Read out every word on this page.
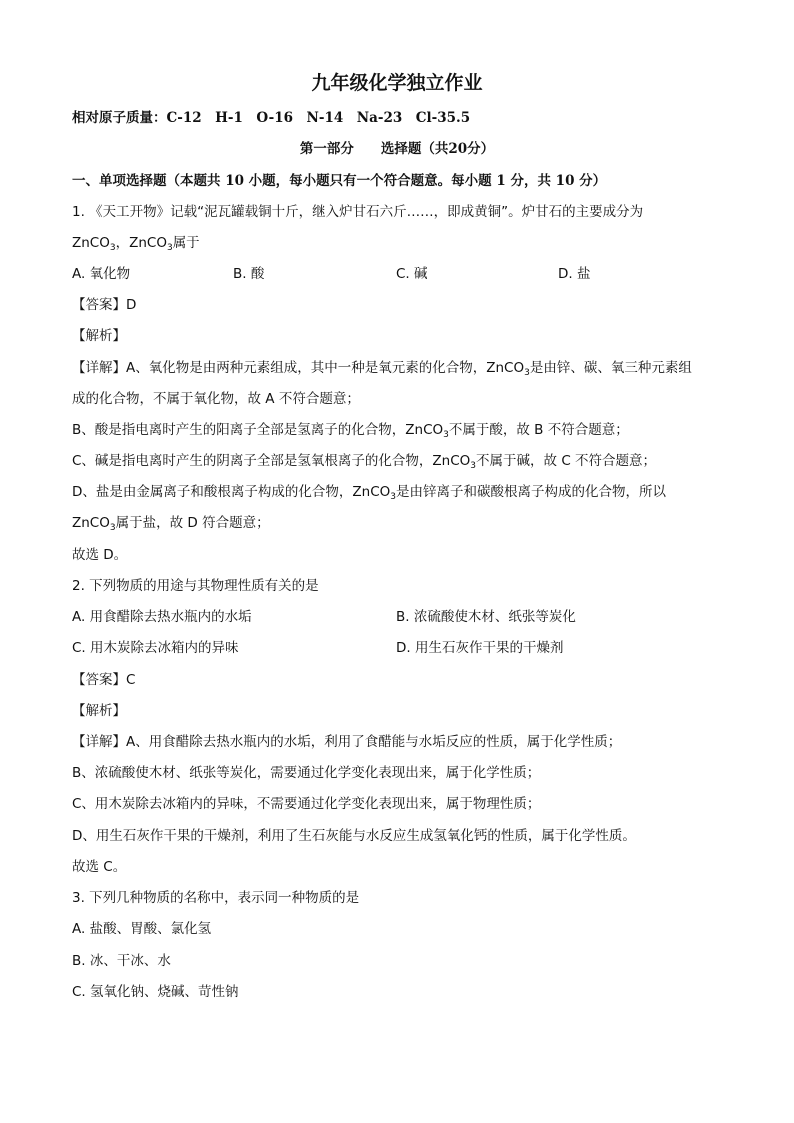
九年级化学独立作业
相对原子质量：C-12　H-1　O-16　N-14　Na-23　Cl-35.5
第一部分　　选择题（共20分）
一、单项选择题（本题共 10 小题，每小题只有一个符合题意。每小题 1 分，共 10 分）
1. 《天工开物》记载“泥瓦罐载铜十斤，继入炉甘石六斤……，即成黄铜”。炉甘石的主要成分为
ZnCO$_3$，ZnCO$_3$属于
A. 氧化物	B. 酸	C. 碱	D. 盐
【答案】D
【解析】
【详解】A、氧化物是由两种元素组成，其中一种是氧元素的化合物，ZnCO$_3$是由锌、碳、氧三种元素组
成的化合物，不属于氧化物，故 A 不符合题意；
B、酸是指电离时产生的阳离子全部是氢离子的化合物，ZnCO$_3$不属于酸，故 B 不符合题意；
C、碱是指电离时产生的阴离子全部是氢氧根离子的化合物，ZnCO$_3$不属于碱，故 C 不符合题意；
D、盐是由金属离子和酸根离子构成的化合物，ZnCO$_3$是由锌离子和碳酸根离子构成的化合物，所以
ZnCO$_3$属于盐，故 D 符合题意；
故选 D。
2. 下列物质的用途与其物理性质有关的是
A. 用食醋除去热水瓶内的水垢	B. 浓硫酸使木材、纸张等炭化
C. 用木炭除去冰箱内的异味	D. 用生石灰作干果的干燥剂
【答案】C
【解析】
【详解】A、用食醋除去热水瓶内的水垢，利用了食醋能与水垢反应的性质，属于化学性质；
B、浓硫酸使木材、纸张等炭化，需要通过化学变化表现出来，属于化学性质；
C、用木炭除去冰箱内的异味，不需要通过化学变化表现出来，属于物理性质；
D、用生石灰作干果的干燥剂，利用了生石灰能与水反应生成氢氧化钙的性质，属于化学性质。
故选 C。
3. 下列几种物质的名称中，表示同一种物质的是
A. 盐酸、胃酸、氯化氢
B. 冰、干冰、水
C. 氢氧化钠、烧碱、苛性钠
